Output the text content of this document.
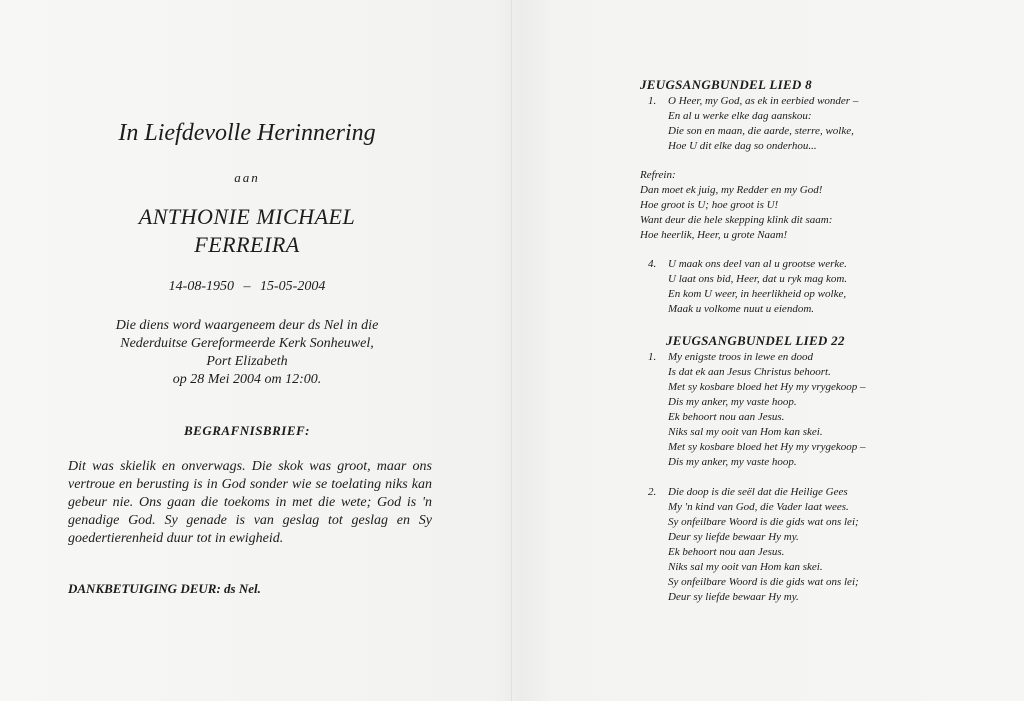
In Liefdevolle Herinnering
aan
ANTHONIE MICHAEL
FERREIRA
14-08-1950 – 15-05-2004
Die diens word waargeneem deur ds Nel in die
Nederduitse Gereformeerde Kerk Sonheuwel,
Port Elizabeth
op 28 Mei 2004 om 12:00.
BEGRAFNISBRIEF:
Dit was skielik en onverwags. Die skok was groot, maar ons vertroue en berusting is in God sonder wie se toelating niks kan gebeur nie. Ons gaan die toekoms in met die wete; God is 'n genadige God. Sy genade is van geslag tot geslag en Sy goedertierenheid duur tot in ewigheid.
DANKBETUIGING DEUR: ds Nel.
JEUGSANGBUNDEL LIED 8
1.	O Heer, my God, as ek in eerbied wonder –
En al u werke elke dag aanskou:
Die son en maan, die aarde, sterre, wolke,
Hoe U dit elke dag so onderhou...
Refrein:
Dan moet ek juig, my Redder en my God!
Hoe groot is U; hoe groot is U!
Want deur die hele skepping klink dit saam:
Hoe heerlik, Heer, u grote Naam!
4.	U maak ons deel van al u grootse werke.
U laat ons bid, Heer, dat u ryk mag kom.
En kom U weer, in heerlikheid op wolke,
Maak u volkome nuut u eiendom.
JEUGSANGBUNDEL LIED 22
1.	My enigste troos in lewe en dood
Is dat ek aan Jesus Christus behoort.
Met sy kosbare bloed het Hy my vrygekoop –
Dis my anker, my vaste hoop.
Ek behoort nou aan Jesus.
Niks sal my ooit van Hom kan skei.
Met sy kosbare bloed het Hy my vrygekoop –
Dis my anker, my vaste hoop.
2.	Die doop is die seël dat die Heilige Gees
My 'n kind van God, die Vader laat wees.
Sy onfeilbare Woord is die gids wat ons lei;
Deur sy liefde bewaar Hy my.
Ek behoort nou aan Jesus.
Niks sal my ooit van Hom kan skei.
Sy onfeilbare Woord is die gids wat ons lei;
Deur sy liefde bewaar Hy my.
